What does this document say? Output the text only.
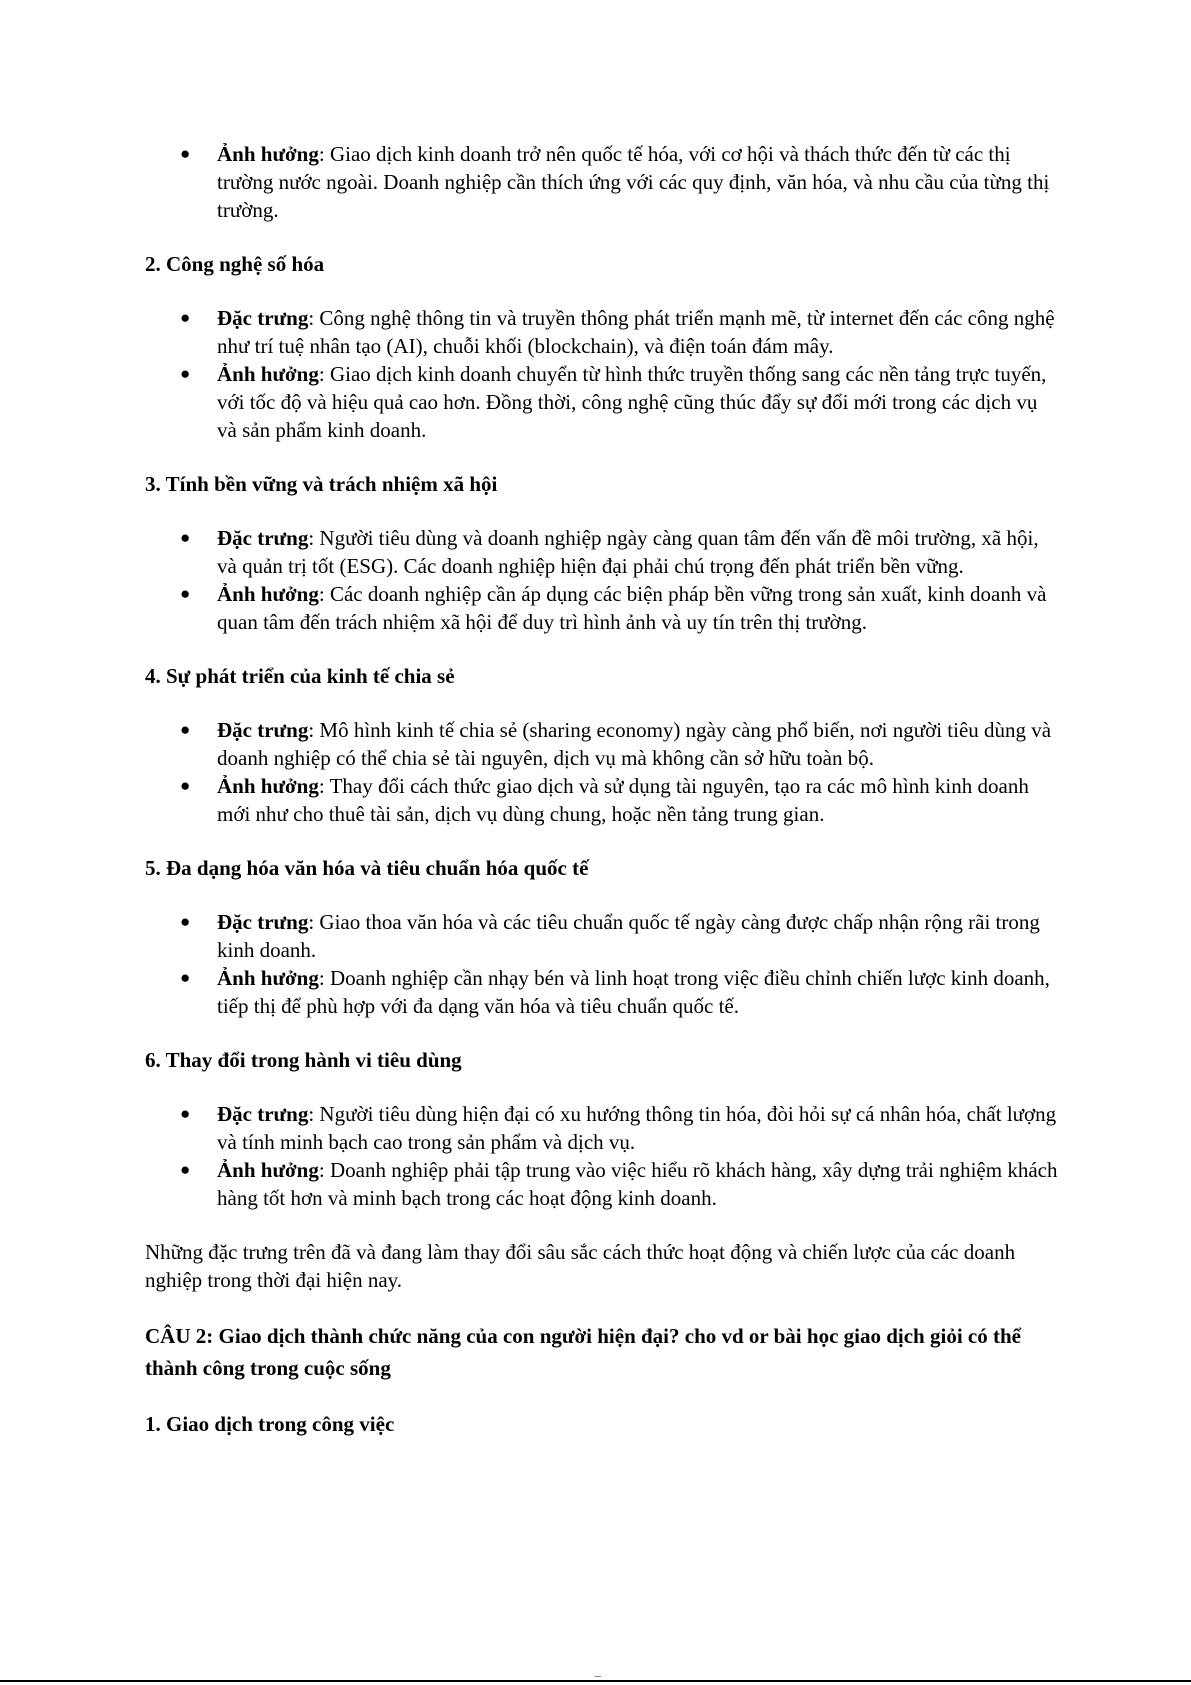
● Ảnh hưởng: Giao dịch kinh doanh trở nên quốc tế hóa, với cơ hội và thách thức đến từ các thị trường nước ngoài. Doanh nghiệp cần thích ứng với các quy định, văn hóa, và nhu cầu của từng thị trường.

2. Công nghệ số hóa

● Đặc trưng: Công nghệ thông tin và truyền thông phát triển mạnh mẽ, từ internet đến các công nghệ như trí tuệ nhân tạo (AI), chuỗi khối (blockchain), và điện toán đám mây.
● Ảnh hưởng: Giao dịch kinh doanh chuyển từ hình thức truyền thống sang các nền tảng trực tuyến, với tốc độ và hiệu quả cao hơn. Đồng thời, công nghệ cũng thúc đẩy sự đổi mới trong các dịch vụ và sản phẩm kinh doanh.

3. Tính bền vững và trách nhiệm xã hội

● Đặc trưng: Người tiêu dùng và doanh nghiệp ngày càng quan tâm đến vấn đề môi trường, xã hội, và quản trị tốt (ESG). Các doanh nghiệp hiện đại phải chú trọng đến phát triển bền vững.
● Ảnh hưởng: Các doanh nghiệp cần áp dụng các biện pháp bền vững trong sản xuất, kinh doanh và quan tâm đến trách nhiệm xã hội để duy trì hình ảnh và uy tín trên thị trường.

4. Sự phát triển của kinh tế chia sẻ

● Đặc trưng: Mô hình kinh tế chia sẻ (sharing economy) ngày càng phổ biến, nơi người tiêu dùng và doanh nghiệp có thể chia sẻ tài nguyên, dịch vụ mà không cần sở hữu toàn bộ.
● Ảnh hưởng: Thay đổi cách thức giao dịch và sử dụng tài nguyên, tạo ra các mô hình kinh doanh mới như cho thuê tài sản, dịch vụ dùng chung, hoặc nền tảng trung gian.

5. Đa dạng hóa văn hóa và tiêu chuẩn hóa quốc tế

● Đặc trưng: Giao thoa văn hóa và các tiêu chuẩn quốc tế ngày càng được chấp nhận rộng rãi trong kinh doanh.
● Ảnh hưởng: Doanh nghiệp cần nhạy bén và linh hoạt trong việc điều chỉnh chiến lược kinh doanh, tiếp thị để phù hợp với đa dạng văn hóa và tiêu chuẩn quốc tế.

6. Thay đổi trong hành vi tiêu dùng

● Đặc trưng: Người tiêu dùng hiện đại có xu hướng thông tin hóa, đòi hỏi sự cá nhân hóa, chất lượng và tính minh bạch cao trong sản phẩm và dịch vụ.
● Ảnh hưởng: Doanh nghiệp phải tập trung vào việc hiểu rõ khách hàng, xây dựng trải nghiệm khách hàng tốt hơn và minh bạch trong các hoạt động kinh doanh.

Những đặc trưng trên đã và đang làm thay đổi sâu sắc cách thức hoạt động và chiến lược của các doanh nghiệp trong thời đại hiện nay.

CÂU 2: Giao dịch thành chức năng của con người hiện đại? cho vd or bài học giao dịch giỏi có thể thành công trong cuộc sống

1. Giao dịch trong công việc
